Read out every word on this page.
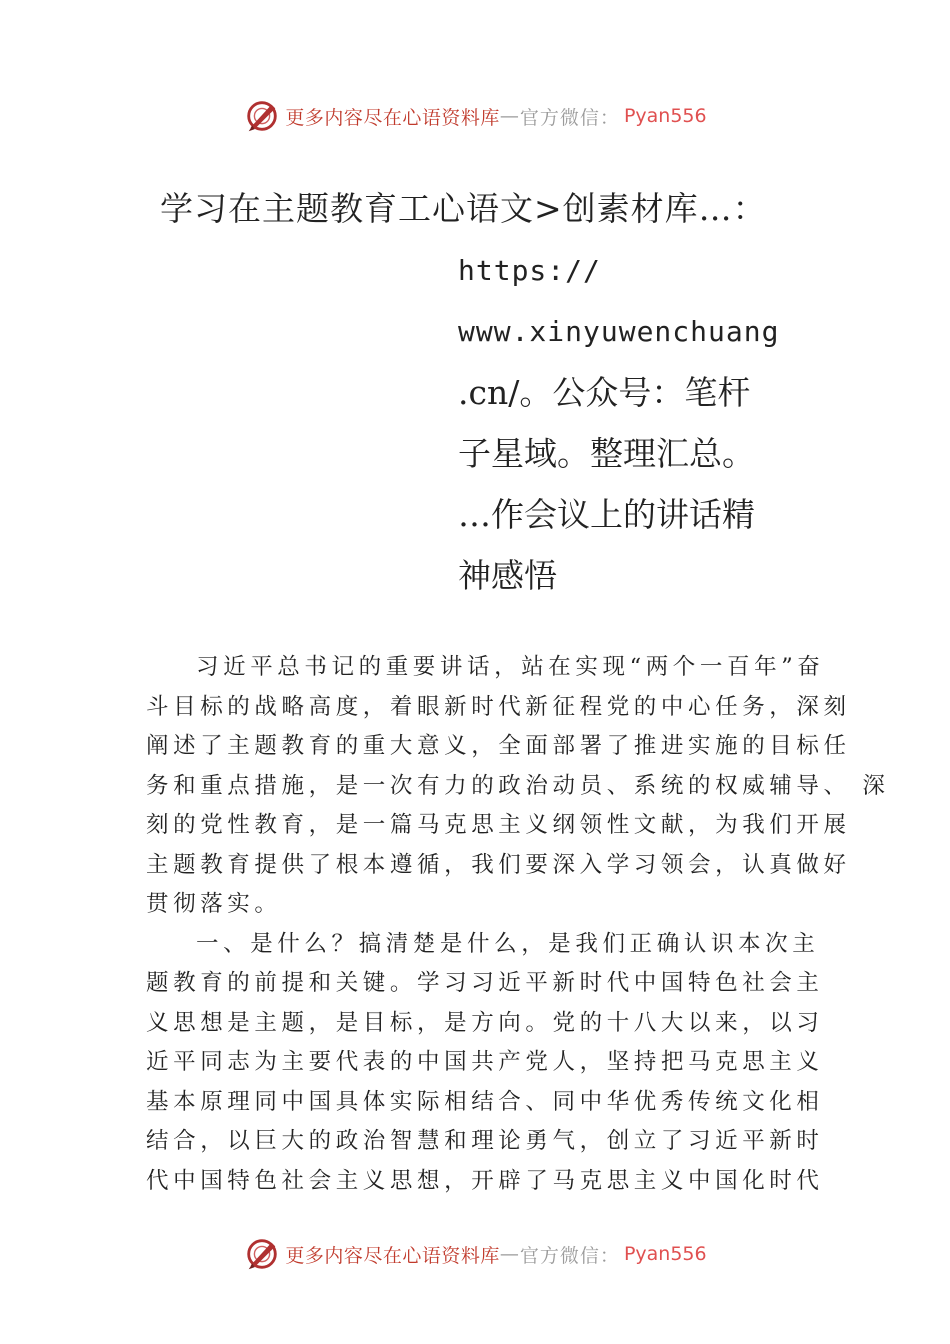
更多内容尽在心语资料库 — 官方微信： Pyan556
学习在主题教育工心语文>创素材库…：
https://
www.xinyuwenchuang
.cn/。公众号：笔杆
子星域。整理汇总。
…作会议上的讲话精
神感悟
习近平总书记的重要讲话，站在实现“两个一百年”奋
斗目标的战略高度，着眼新时代新征程党的中心任务，深刻
阐述了主题教育的重大意义，全面部署了推进实施的目标任
务和重点措施，是一次有力的政治动员、系统的权威辅导、 深
刻的党性教育，是一篇马克思主义纲领性文献，为我们开展
主题教育提供了根本遵循，我们要深入学习领会，认真做好
贯彻落实。
一、是什么？搞清楚是什么，是我们正确认识本次主
题教育的前提和关键。学习习近平新时代中国特色社会主
义思想是主题，是目标，是方向。党的十八大以来，以习
近平同志为主要代表的中国共产党人，坚持把马克思主义
基本原理同中国具体实际相结合、同中华优秀传统文化相
结合，以巨大的政治智慧和理论勇气，创立了习近平新时
代中国特色社会主义思想，开辟了马克思主义中国化时代
更多内容尽在心语资料库 — 官方微信： Pyan556
